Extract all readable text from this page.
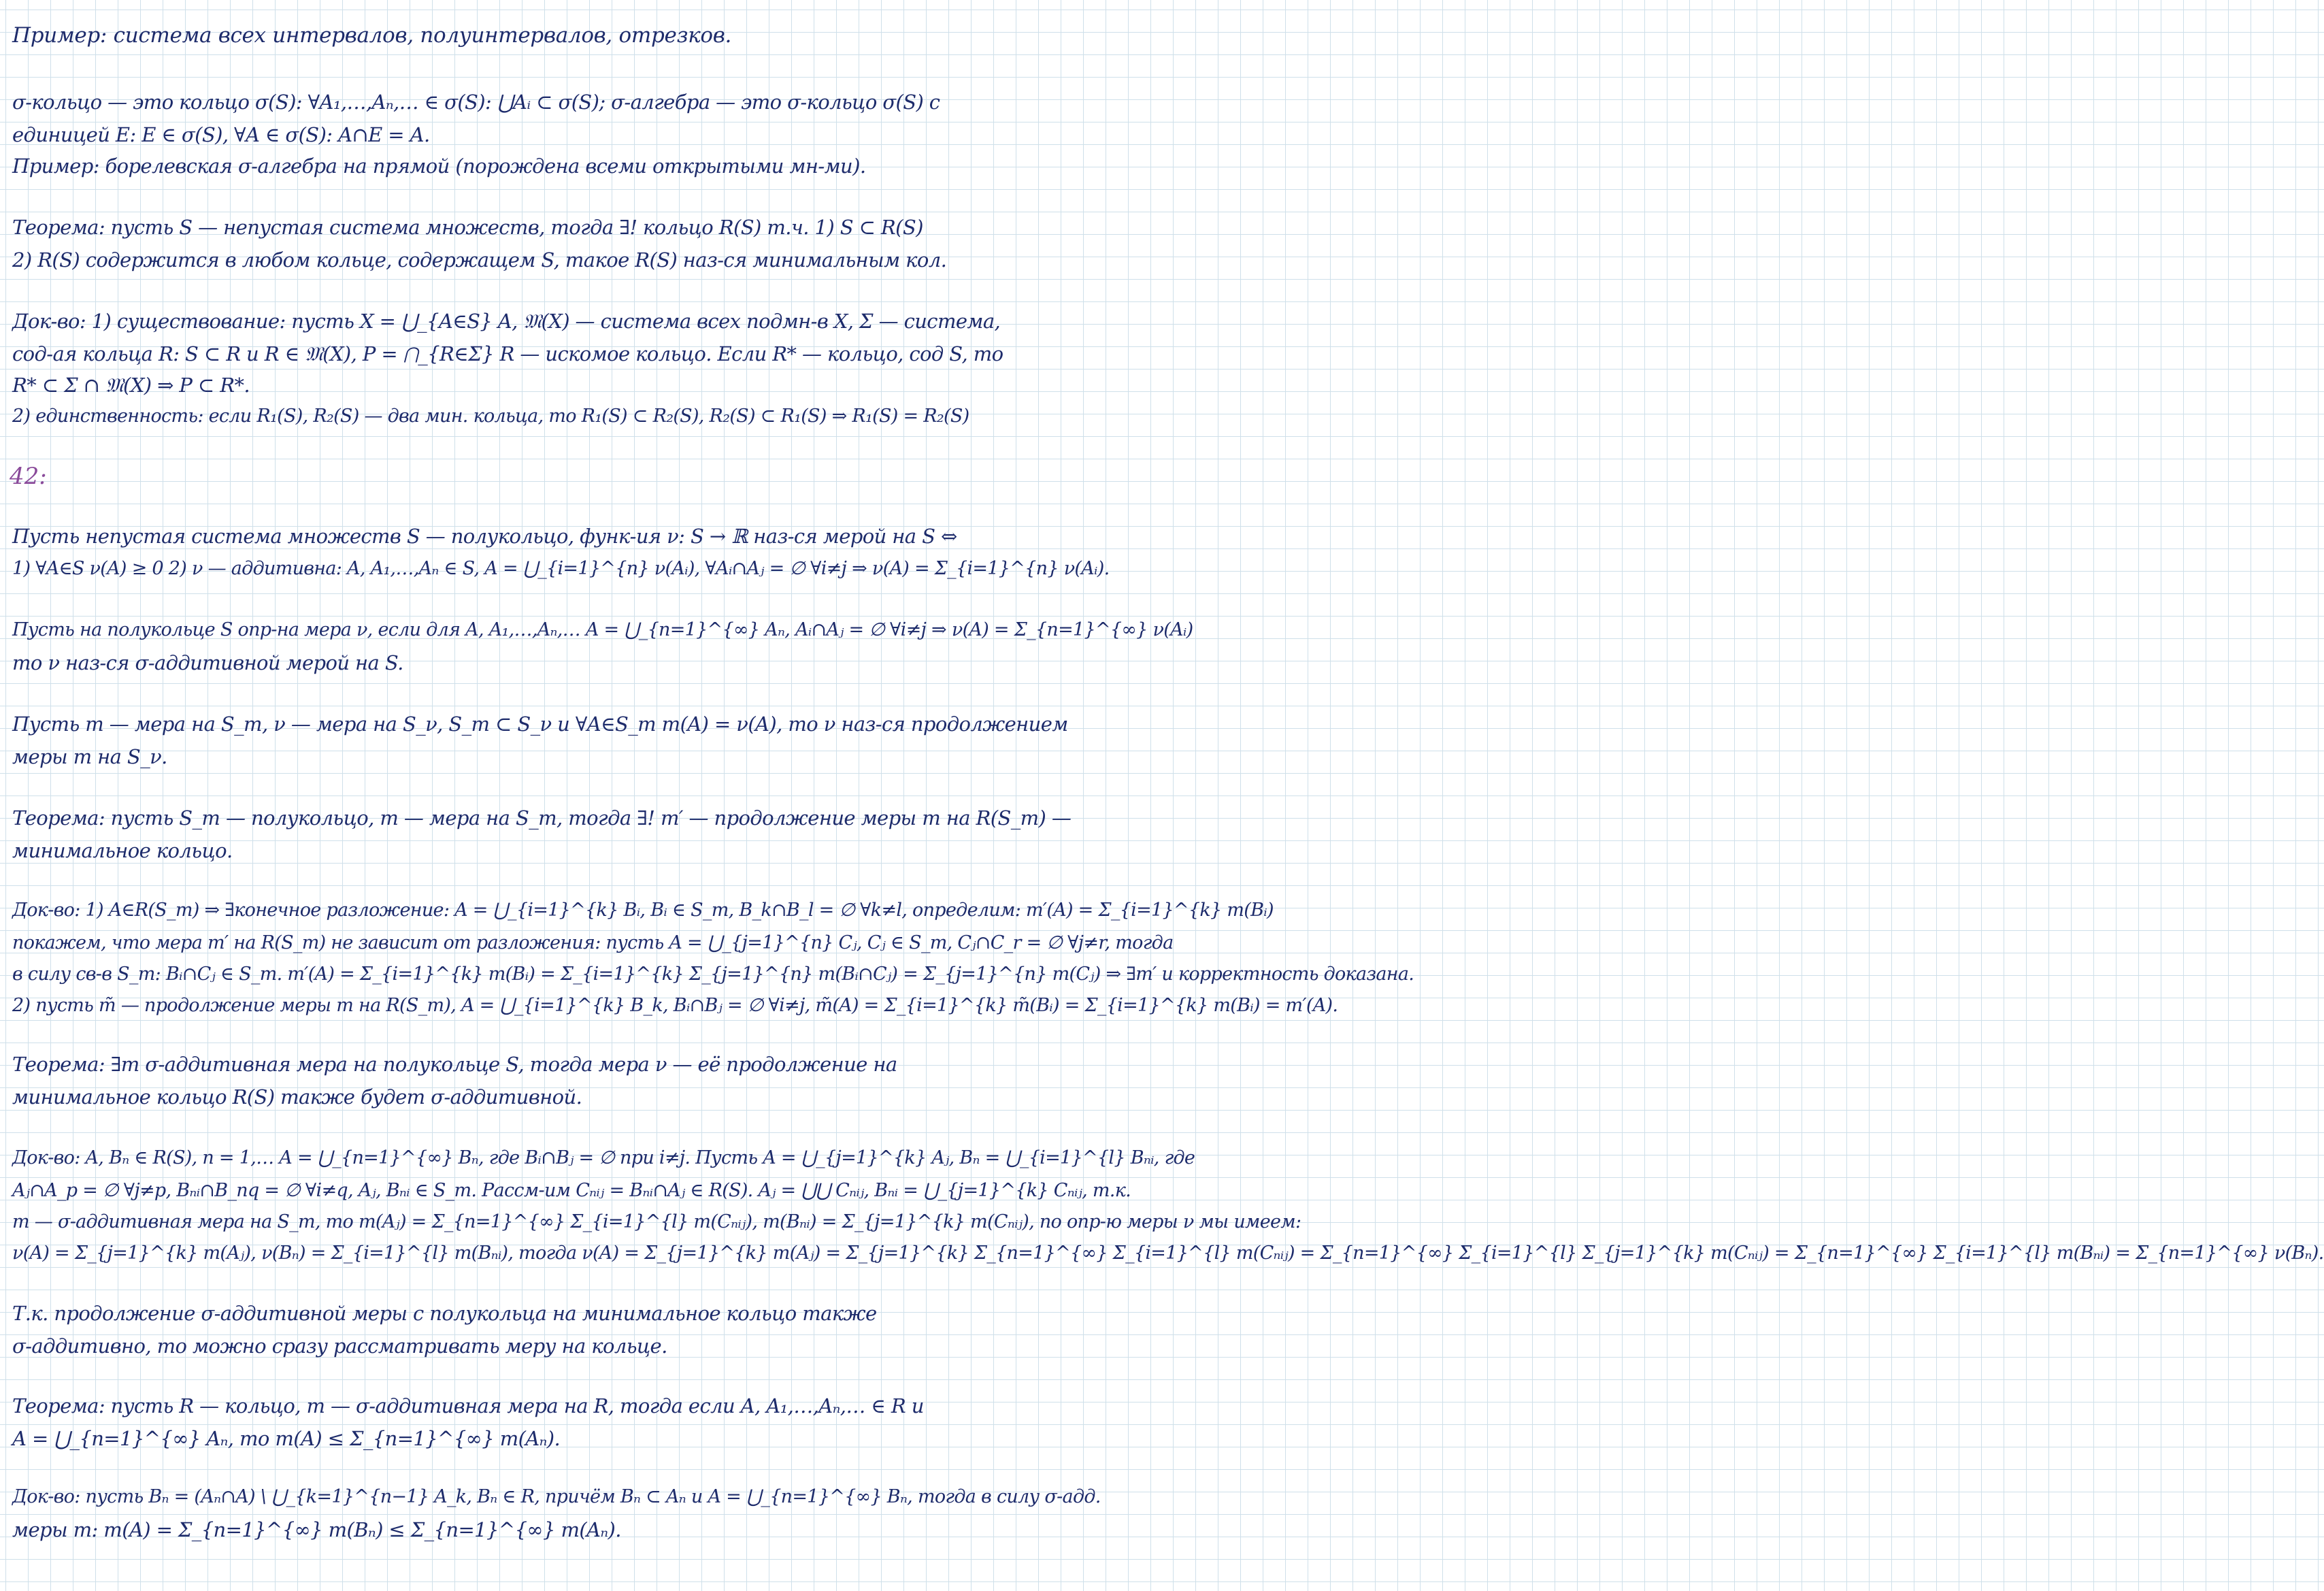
Пример: система всех интервалов, полуинтервалов, отрезков.
σ-кольцо — это кольцо σ(S): ∀A₁,…,Aₙ,… ∈ σ(S): ⋃Aᵢ ⊂ σ(S); σ-алгебра — это σ-кольцо σ(S) с
единицей E: E ∈ σ(S), ∀A ∈ σ(S): A∩E = A.
Пример: борелевская σ-алгебра на прямой (порождена всеми открытыми мн-ми).
Теорема: пусть S — непустая система множеств, тогда ∃! кольцо R(S) т.ч. 1) S ⊂ R(S)
2) R(S) содержится в любом кольце, содержащем S, такое R(S) наз-ся минимальным кол.
Док-во: 1) существование: пусть X = ⋃_{A∈S} A, 𝔐(X) — система всех подмн-в X, Σ — система,
сод-ая кольца R: S ⊂ R и R ∈ 𝔐(X), P = ⋂_{R∈Σ} R — искомое кольцо. Если R* — кольцо, сод S, то
R* ⊂ Σ ∩ 𝔐(X) ⇒ P ⊂ R*.
2) единственность: если R₁(S), R₂(S) — два мин. кольца, то R₁(S) ⊂ R₂(S), R₂(S) ⊂ R₁(S) ⇒ R₁(S) = R₂(S)
42:
Пусть непустая система множеств S — полукольцо, функ-ия ν: S → ℝ наз-ся мерой на S ⇔
1) ∀A∈S ν(A) ≥ 0 2) ν — аддитивна: A, A₁,…,Aₙ ∈ S, A = ⋃_{i=1}^{n} ν(Aᵢ), ∀Aᵢ∩Aⱼ = ∅ ∀i≠j ⇒ ν(A) = Σ_{i=1}^{n} ν(Aᵢ).
Пусть на полукольце S опр-на мера ν, если для A, A₁,…,Aₙ,… A = ⋃_{n=1}^{∞} Aₙ, Aᵢ∩Aⱼ = ∅ ∀i≠j ⇒ ν(A) = Σ_{n=1}^{∞} ν(Aᵢ)
то ν наз-ся σ-аддитивной мерой на S.
Пусть m — мера на S_m, ν — мера на S_ν, S_m ⊂ S_ν и ∀A∈S_m m(A) = ν(A), то ν наз-ся продолжением
меры m на S_ν.
Теорема: пусть S_m — полукольцо, m — мера на S_m, тогда ∃! m′ — продолжение меры m на R(S_m) —
минимальное кольцо.
Док-во: 1) A∈R(S_m) ⇒ ∃конечное разложение: A = ⋃_{i=1}^{k} Bᵢ, Bᵢ ∈ S_m, B_k∩B_l = ∅ ∀k≠l, определим: m′(A) = Σ_{i=1}^{k} m(Bᵢ)
покажем, что мера m′ на R(S_m) не зависит от разложения: пусть A = ⋃_{j=1}^{n} Cⱼ, Cⱼ ∈ S_m, Cⱼ∩C_r = ∅ ∀j≠r, тогда
в силу св-в S_m: Bᵢ∩Cⱼ ∈ S_m. m′(A) = Σ_{i=1}^{k} m(Bᵢ) = Σ_{i=1}^{k} Σ_{j=1}^{n} m(Bᵢ∩Cⱼ) = Σ_{j=1}^{n} m(Cⱼ) ⇒ ∃m′ и корректность доказана.
2) пусть m̃ — продолжение меры m на R(S_m), A = ⋃_{i=1}^{k} B_k, Bᵢ∩Bⱼ = ∅ ∀i≠j, m̃(A) = Σ_{i=1}^{k} m̃(Bᵢ) = Σ_{i=1}^{k} m(Bᵢ) = m′(A).
Теорема: ∃m σ-аддитивная мера на полукольце S, тогда мера ν — её продолжение на
минимальное кольцо R(S) также будет σ-аддитивной.
Док-во: A, Bₙ ∈ R(S), n = 1,… A = ⋃_{n=1}^{∞} Bₙ, где Bᵢ∩Bⱼ = ∅ при i≠j. Пусть A = ⋃_{j=1}^{k} Aⱼ, Bₙ = ⋃_{i=1}^{l} Bₙᵢ, где
Aⱼ∩A_p = ∅ ∀j≠p, Bₙᵢ∩B_nq = ∅ ∀i≠q, Aⱼ, Bₙᵢ ∈ S_m. Рассм-им Cₙᵢⱼ = Bₙᵢ∩Aⱼ ∈ R(S). Aⱼ = ⋃⋃ Cₙᵢⱼ, Bₙᵢ = ⋃_{j=1}^{k} Cₙᵢⱼ, т.к.
m — σ-аддитивная мера на S_m, то m(Aⱼ) = Σ_{n=1}^{∞} Σ_{i=1}^{l} m(Cₙᵢⱼ), m(Bₙᵢ) = Σ_{j=1}^{k} m(Cₙᵢⱼ), по опр-ю меры ν мы имеем:
ν(A) = Σ_{j=1}^{k} m(Aⱼ), ν(Bₙ) = Σ_{i=1}^{l} m(Bₙᵢ), тогда ν(A) = Σ_{j=1}^{k} m(Aⱼ) = Σ_{j=1}^{k} Σ_{n=1}^{∞} Σ_{i=1}^{l} m(Cₙᵢⱼ) = Σ_{n=1}^{∞} Σ_{i=1}^{l} Σ_{j=1}^{k} m(Cₙᵢⱼ) = Σ_{n=1}^{∞} Σ_{i=1}^{l} m(Bₙᵢ) = Σ_{n=1}^{∞} ν(Bₙ).
Т.к. продолжение σ-аддитивной меры с полукольца на минимальное кольцо также
σ-аддитивно, то можно сразу рассматривать меру на кольце.
Теорема: пусть R — кольцо, m — σ-аддитивная мера на R, тогда если A, A₁,…,Aₙ,… ∈ R и
A = ⋃_{n=1}^{∞} Aₙ, то m(A) ≤ Σ_{n=1}^{∞} m(Aₙ).
Док-во: пусть Bₙ = (Aₙ∩A) \ ⋃_{k=1}^{n−1} A_k, Bₙ ∈ R, причём Bₙ ⊂ Aₙ и A = ⋃_{n=1}^{∞} Bₙ, тогда в силу σ-адд.
меры m: m(A) = Σ_{n=1}^{∞} m(Bₙ) ≤ Σ_{n=1}^{∞} m(Aₙ).
